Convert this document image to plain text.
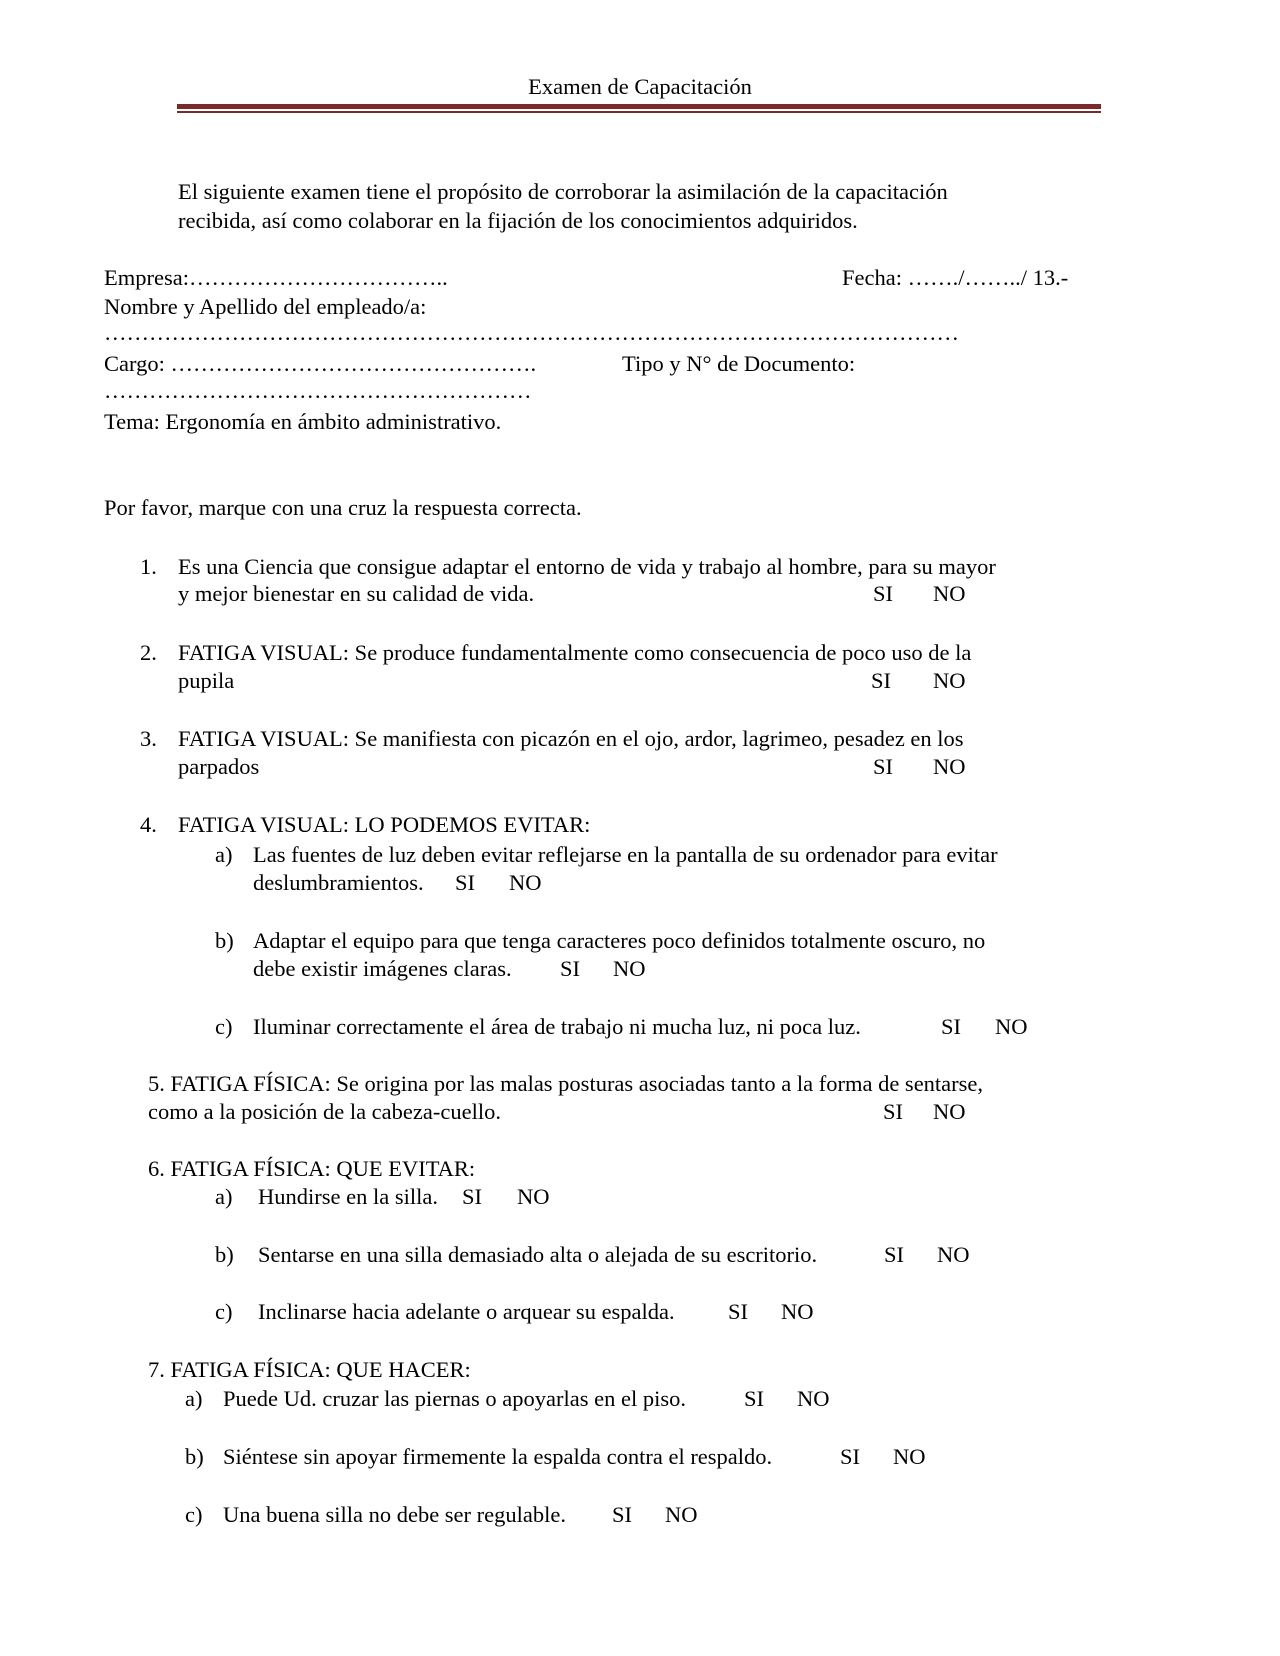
Examen de Capacitación
El siguiente examen tiene el propósito de corroborar la asimilación de la capacitación
recibida, así como colaborar en la fijación de los conocimientos adquiridos.
Empresa:……………………………..	Fecha: ……./……../ 13.-
Nombre y Apellido del empleado/a:
……………………………………………………………………………………………………
Cargo: ………………………………………….	Tipo y N° de Documento:
…………………………………………………
Tema: Ergonomía en ámbito administrativo.
Por favor, marque con una cruz la respuesta correcta.
1. Es una Ciencia que consigue adaptar el entorno de vida y trabajo al hombre, para su mayor
y mejor bienestar en su calidad de vida.	SI NO
2. FATIGA VISUAL: Se produce fundamentalmente como consecuencia de poco uso de la
pupila	SI NO
3. FATIGA VISUAL: Se manifiesta con picazón en el ojo, ardor, lagrimeo, pesadez en los
parpados	SI NO
4. FATIGA VISUAL: LO PODEMOS EVITAR:
a) Las fuentes de luz deben evitar reflejarse en la pantalla de su ordenador para evitar
deslumbramientos. SI NO
b) Adaptar el equipo para que tenga caracteres poco definidos totalmente oscuro, no
debe existir imágenes claras. SI NO
c) Iluminar correctamente el área de trabajo ni mucha luz, ni poca luz.	SI NO
5. FATIGA FÍSICA: Se origina por las malas posturas asociadas tanto a la forma de sentarse,
como a la posición de la cabeza-cuello.	SI NO
6. FATIGA FÍSICA: QUE EVITAR:
a) Hundirse en la silla. SI NO
b) Sentarse en una silla demasiado alta o alejada de su escritorio.	SI NO
c) Inclinarse hacia adelante o arquear su espalda. SI NO
7. FATIGA FÍSICA: QUE HACER:
a) Puede Ud. cruzar las piernas o apoyarlas en el piso.	SI NO
b) Siéntese sin apoyar firmemente la espalda contra el respaldo.	SI NO
c) Una buena silla no debe ser regulable. SI NO
